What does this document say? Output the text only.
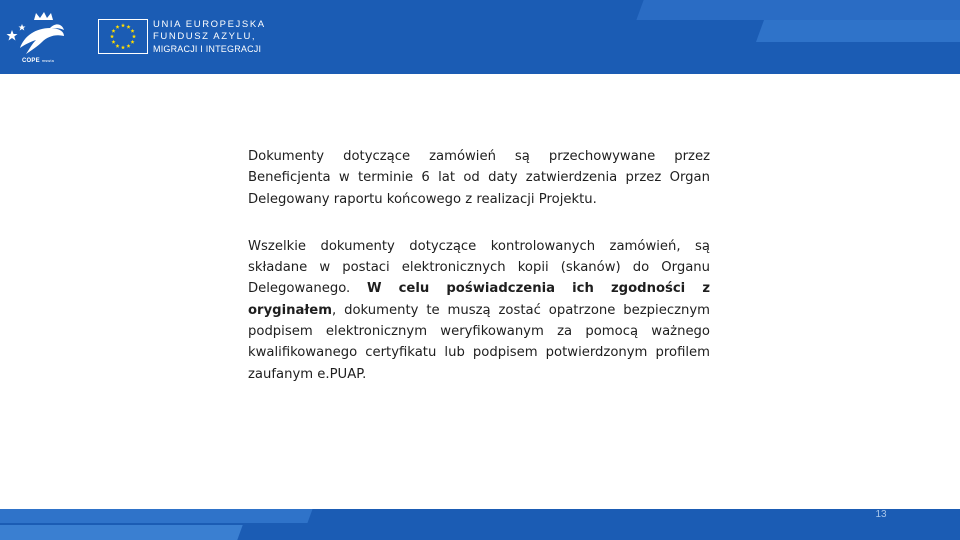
COPE mswia
UNIA EUROPEJSKA
FUNDUSZ AZYLU,
MIGRACJI I INTEGRACJI

Dokumenty dotyczące zamówień są przechowywane przez Beneficjenta w terminie 6 lat od daty zatwierdzenia przez Organ Delegowany raportu końcowego z realizacji Projektu.

Wszelkie dokumenty dotyczące kontrolowanych zamówień, są składane w postaci elektronicznych kopii (skanów) do Organu Delegowanego. W celu poświadczenia ich zgodności z oryginałem, dokumenty te muszą zostać opatrzone bezpiecznym podpisem elektronicznym weryfikowanym za pomocą ważnego kwalifikowanego certyfikatu lub podpisem potwierdzonym profilem zaufanym e.PUAP.

13
